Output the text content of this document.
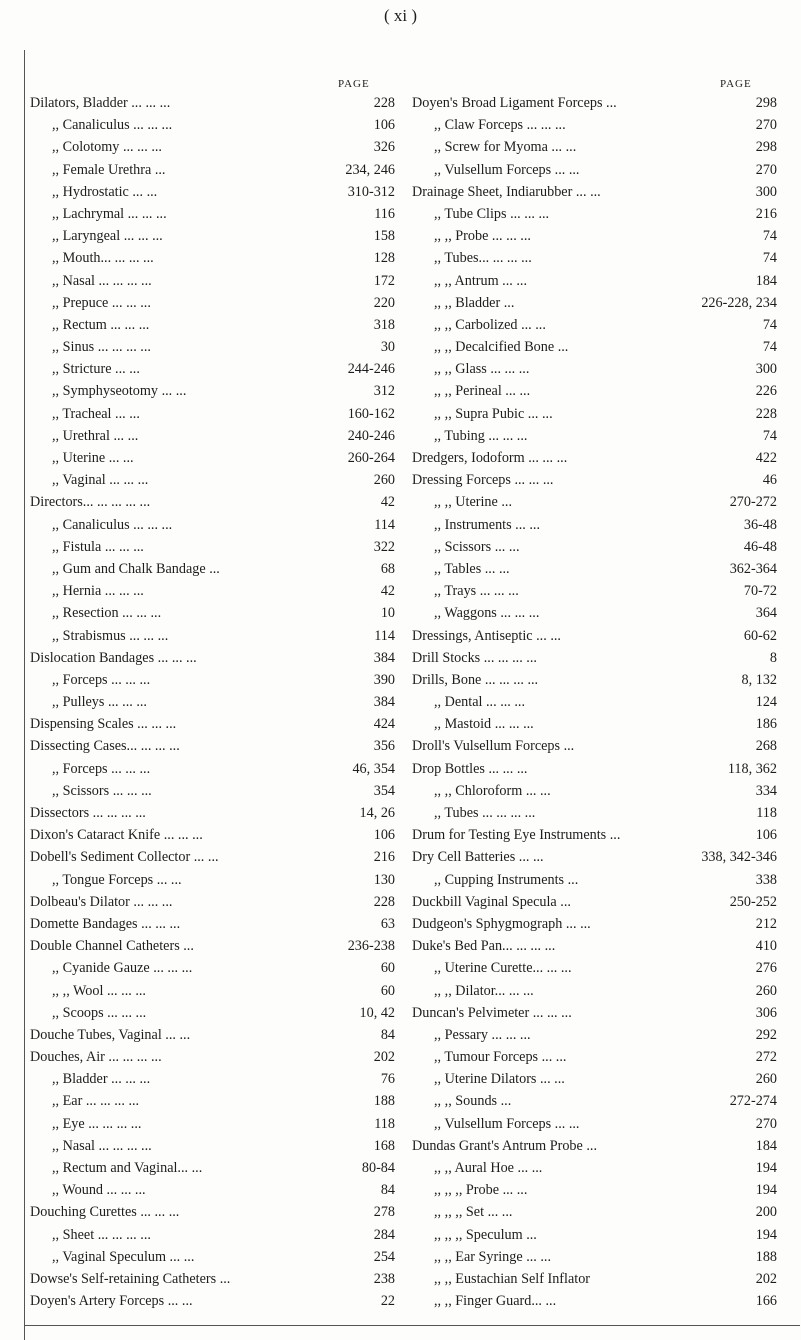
( xi )
PAGE	PAGE
Dilators, Bladder ... ... ...	228
,, Canaliculus ... ... ...	106
,, Colotomy ... ... ...	326
,, Female Urethra ...	234, 246
,, Hydrostatic ... ...	310-312
,, Lachrymal ... ... ...	116
,, Laryngeal ... ... ...	158
,, Mouth... ... ... ...	128
,, Nasal ... ... ... ...	172
,, Prepuce ... ... ...	220
,, Rectum ... ... ...	318
,, Sinus ... ... ... ...	30
,, Stricture ... ...	244-246
,, Symphyseotomy ... ...	312
,, Tracheal ... ...	160-162
,, Urethral ... ...	240-246
,, Uterine ... ...	260-264
,, Vaginal ... ... ...	260
Directors... ... ... ... ...	42
,, Canaliculus ... ... ...	114
,, Fistula ... ... ...	322
,, Gum and Chalk Bandage ...	68
,, Hernia ... ... ...	42
,, Resection ... ... ...	10
,, Strabismus ... ... ...	114
Dislocation Bandages ... ... ...	384
,, Forceps ... ... ...	390
,, Pulleys ... ... ...	384
Dispensing Scales ... ... ...	424
Dissecting Cases... ... ... ...	356
,, Forceps ... ... ...	46, 354
,, Scissors ... ... ...	354
Dissectors ... ... ... ...	14, 26
Dixon's Cataract Knife ... ... ...	106
Dobell's Sediment Collector ... ...	216
,, Tongue Forceps ... ...	130
Dolbeau's Dilator ... ... ...	228
Domette Bandages ... ... ...	63
Double Channel Catheters ...	236-238
,, Cyanide Gauze ... ... ...	60
,, ,, Wool ... ... ...	60
,, Scoops ... ... ...	10, 42
Douche Tubes, Vaginal ... ...	84
Douches, Air ... ... ... ...	202
,, Bladder ... ... ...	76
,, Ear ... ... ... ...	188
,, Eye ... ... ... ...	118
,, Nasal ... ... ... ...	168
,, Rectum and Vaginal... ...	80-84
,, Wound ... ... ...	84
Douching Curettes ... ... ...	278
,, Sheet ... ... ... ...	284
,, Vaginal Speculum ... ...	254
Dowse's Self-retaining Catheters ...	238
Doyen's Artery Forceps ... ...	22
Doyen's Broad Ligament Forceps ...	298
,, Claw Forceps ... ... ...	270
,, Screw for Myoma ... ...	298
,, Vulsellum Forceps ... ...	270
Drainage Sheet, Indiarubber ... ...	300
,, Tube Clips ... ... ...	216
,, ,, Probe ... ... ...	74
,, Tubes... ... ... ...	74
,, ,, Antrum ... ...	184
,, ,, Bladder ...	226-228, 234
,, ,, Carbolized ... ...	74
,, ,, Decalcified Bone ...	74
,, ,, Glass ... ... ...	300
,, ,, Perineal ... ...	226
,, ,, Supra Pubic ... ...	228
,, Tubing ... ... ...	74
Dredgers, Iodoform ... ... ...	422
Dressing Forceps ... ... ...	46
,, ,, Uterine ...	270-272
,, Instruments ... ...	36-48
,, Scissors ... ...	46-48
,, Tables ... ...	362-364
,, Trays ... ... ...	70-72
,, Waggons ... ... ...	364
Dressings, Antiseptic ... ...	60-62
Drill Stocks ... ... ... ...	8
Drills, Bone ... ... ... ...	8, 132
,, Dental ... ... ...	124
,, Mastoid ... ... ...	186
Droll's Vulsellum Forceps ...	268
Drop Bottles ... ... ...	118, 362
,, ,, Chloroform ... ...	334
,, Tubes ... ... ... ...	118
Drum for Testing Eye Instruments ...	106
Dry Cell Batteries ... ...	338, 342-346
,, Cupping Instruments ...	338
Duckbill Vaginal Specula ...	250-252
Dudgeon's Sphygmograph ... ...	212
Duke's Bed Pan... ... ... ...	410
,, Uterine Curette... ... ...	276
,, ,, Dilator... ... ...	260
Duncan's Pelvimeter ... ... ...	306
,, Pessary ... ... ...	292
,, Tumour Forceps ... ...	272
,, Uterine Dilators ... ...	260
,, ,, Sounds ...	272-274
,, Vulsellum Forceps ... ...	270
Dundas Grant's Antrum Probe ...	184
,, ,, Aural Hoe ... ...	194
,, ,, ,, Probe ... ...	194
,, ,, ,, Set ... ...	200
,, ,, ,, Speculum ...	194
,, ,, Ear Syringe ... ...	188
,, ,, Eustachian Self Inflator	202
,, ,, Finger Guard... ...	166
